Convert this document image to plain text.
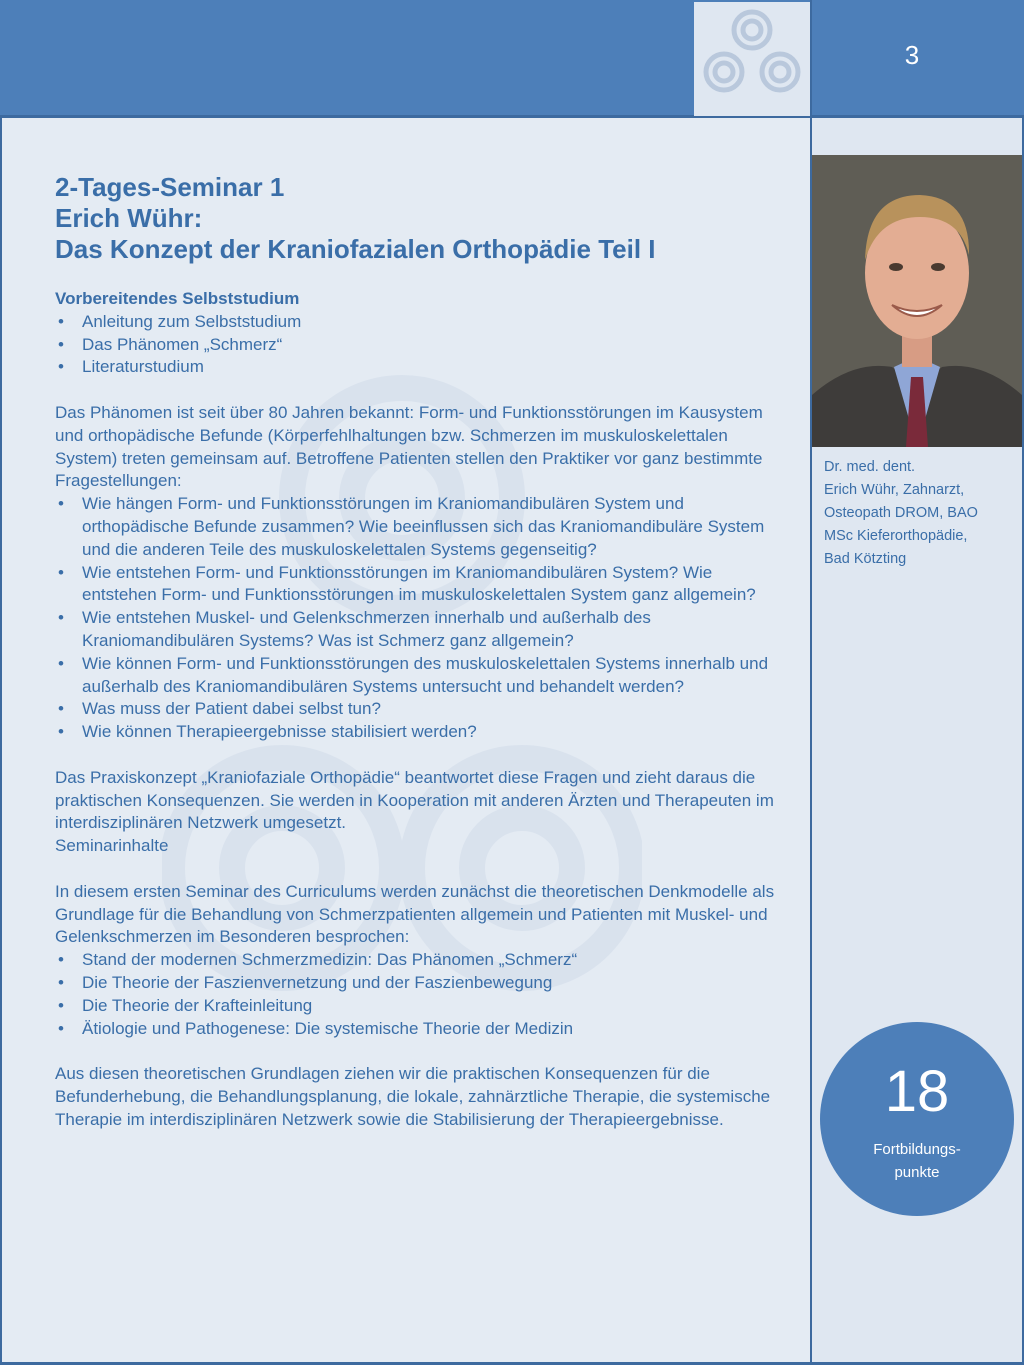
3
2-Tages-Seminar 1
Erich Wühr:
Das Konzept der Kraniofazialen Orthopädie Teil I
Vorbereitendes Selbststudium
• Anleitung zum Selbststudium
• Das Phänomen „Schmerz“
• Literaturstudium

Das Phänomen ist seit über 80 Jahren bekannt: Form- und Funktionsstörungen im Kausystem und orthopädische Befunde (Körperfehlhaltungen bzw. Schmerzen im muskuloskelettalen System) treten gemeinsam auf. Betroffene Patienten stellen den Praktiker vor ganz bestimmte Fragestellungen:

• Wie hängen Form- und Funktionsstörungen im Kraniomandibulären System und orthopädische Befunde zusammen? Wie beeinflussen sich das Kraniomandibuläre System und die anderen Teile des muskuloskelettalen Systems gegenseitig?
• Wie entstehen Form- und Funktionsstörungen im Kraniomandibulären System? Wie entstehen Form- und Funktionsstörungen im muskuloskelettalen System ganz allgemein?
• Wie entstehen Muskel- und Gelenkschmerzen innerhalb und außerhalb des Kraniomandibulären Systems? Was ist Schmerz ganz allgemein?
• Wie können Form- und Funktionsstörungen des muskuloskelettalen Systems innerhalb und außerhalb des Kraniomandibulären Systems untersucht und behandelt werden?
• Was muss der Patient dabei selbst tun?
• Wie können Therapieergebnisse stabilisiert werden?

Das Praxiskonzept „Kraniofaziale Orthopädie“ beantwortet diese Fragen und zieht daraus die praktischen Konsequenzen. Sie werden in Kooperation mit anderen Ärzten und Therapeuten im interdisziplinären Netzwerk umgesetzt.

Seminarinhalte

In diesem ersten Seminar des Curriculums werden zunächst die theoretischen Denkmodelle als Grundlage für die Behandlung von Schmerzpatienten allgemein und Patienten mit Muskel- und Gelenkschmerzen im Besonderen besprochen:

• Stand der modernen Schmerzmedizin: Das Phänomen „Schmerz“
• Die Theorie der Faszienvernetzung und der Faszienbewegung
• Die Theorie der Krafteinleitung
• Ätiologie und Pathogenese: Die systemische Theorie der Medizin

Aus diesen theoretischen Grundlagen ziehen wir die praktischen Konsequenzen für die Befunderhebung, die Behandlungsplanung, die lokale, zahnärztliche Therapie, die systemische Therapie im interdisziplinären Netzwerk sowie die Stabilisierung der Therapieergebnisse.

Dr. med. dent.
Erich Wühr, Zahnarzt,
Osteopath DROM, BAO
MSc Kieferorthopädie,
Bad Kötzting
18
Fortbildungs-
punkte
